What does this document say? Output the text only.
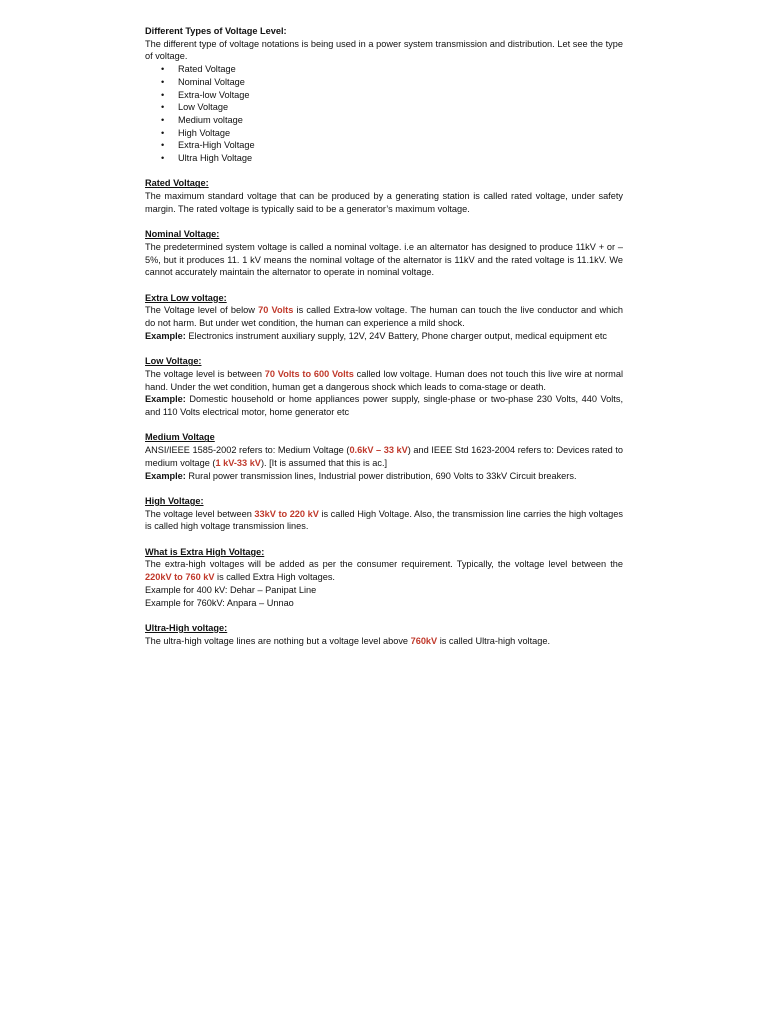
Different Types of Voltage Level:

The different type of voltage notations is being used in a power system transmission and distribution. Let see the type of voltage.

• Rated Voltage
• Nominal Voltage
• Extra-low Voltage
• Low Voltage
• Medium voltage
• High Voltage
• Extra-High Voltage
• Ultra High Voltage

Rated Voltage:

The maximum standard voltage that can be produced by a generating station is called rated voltage, under safety margin. The rated voltage is typically said to be a generator’s maximum voltage.

Nominal Voltage:

The predetermined system voltage is called a nominal voltage. i.e an alternator has designed to produce 11kV + or – 5%, but it produces 11. 1 kV means the nominal voltage of the alternator is 11kV and the rated voltage is 11.1kV. We cannot accurately maintain the alternator to operate in nominal voltage.

Extra Low voltage:

The Voltage level of below 70 Volts is called Extra-low voltage. The human can touch the live conductor and which do not harm. But under wet condition, the human can experience a mild shock.

Example: Electronics instrument auxiliary supply, 12V, 24V Battery, Phone charger output, medical equipment etc

Low Voltage:

The voltage level is between 70 Volts to 600 Volts called low voltage. Human does not touch this live wire at normal hand. Under the wet condition, human get a dangerous shock which leads to coma-stage or death.

Example: Domestic household or home appliances power supply, single-phase or two-phase 230 Volts, 440 Volts, and 110 Volts electrical motor, home generator etc

Medium Voltage

ANSI/IEEE 1585-2002 refers to: Medium Voltage (0.6kV – 33 kV) and IEEE Std 1623-2004 refers to: Devices rated to medium voltage (1 kV-33 kV). [It is assumed that this is ac.]

Example: Rural power transmission lines, Industrial power distribution, 690 Volts to 33kV Circuit breakers.

High Voltage:

The voltage level between 33kV to 220 kV is called High Voltage. Also, the transmission line carries the high voltages is called high voltage transmission lines.

What is Extra High Voltage:

The extra-high voltages will be added as per the consumer requirement. Typically, the voltage level between the 220kV to 760 kV is called Extra High voltages.

Example for 400 kV: Dehar – Panipat Line

Example for 760kV: Anpara – Unnao

Ultra-High voltage:

The ultra-high voltage lines are nothing but a voltage level above 760kV is called Ultra-high voltage.
